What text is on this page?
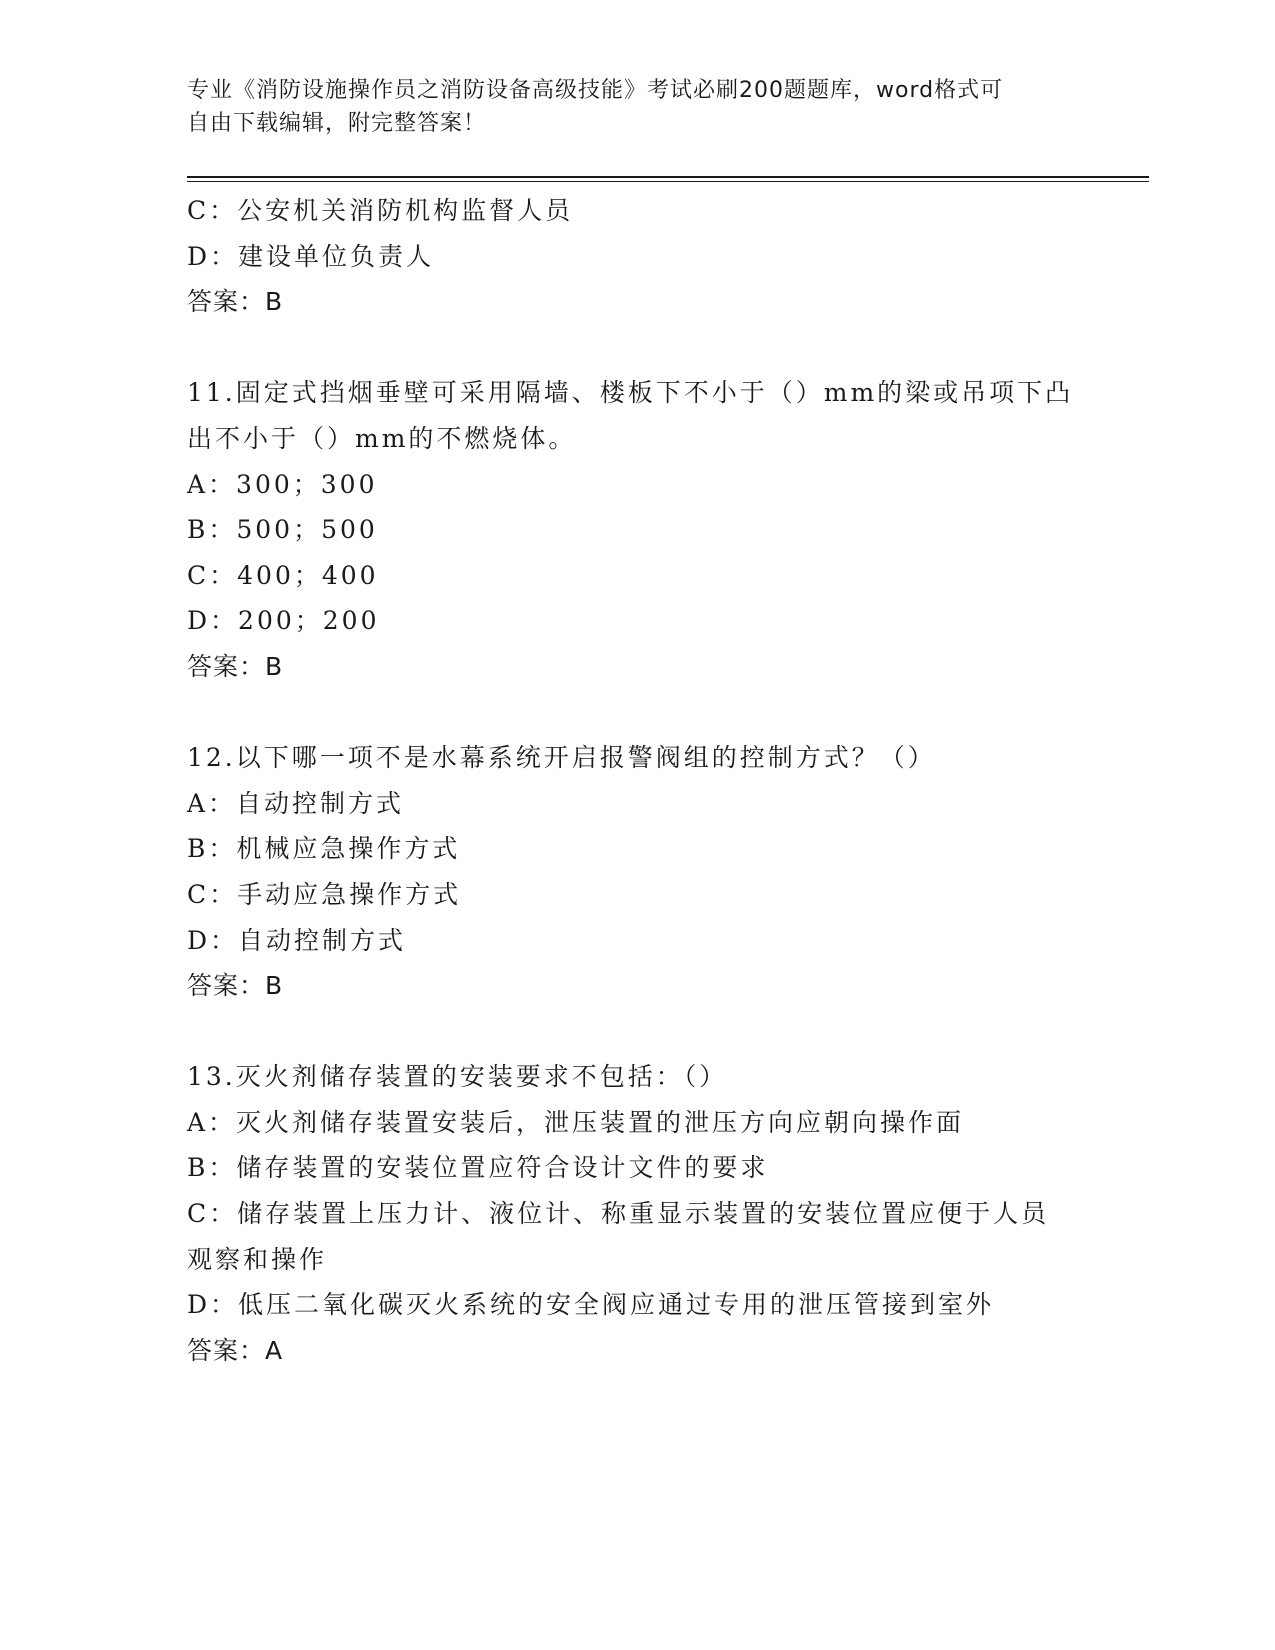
专业《消防设施操作员之消防设备高级技能》考试必刷200题题库，word格式可
自由下载编辑，附完整答案！
C：公安机关消防机构监督人员
D：建设单位负责人
答案：B
11.固定式挡烟垂壁可采用隔墙、楼板下不小于（）mm的梁或吊项下凸
出不小于（）mm的不燃烧体。
A：300；300
B：500；500
C：400；400
D：200；200
答案：B
12.以下哪一项不是水幕系统开启报警阀组的控制方式？（）
A：自动控制方式
B：机械应急操作方式
C：手动应急操作方式
D：自动控制方式
答案：B
13.灭火剂储存装置的安装要求不包括：（）
A：灭火剂储存装置安装后，泄压装置的泄压方向应朝向操作面
B：储存装置的安装位置应符合设计文件的要求
C：储存装置上压力计、液位计、称重显示装置的安装位置应便于人员
观察和操作
D：低压二氧化碳灭火系统的安全阀应通过专用的泄压管接到室外
答案：A
